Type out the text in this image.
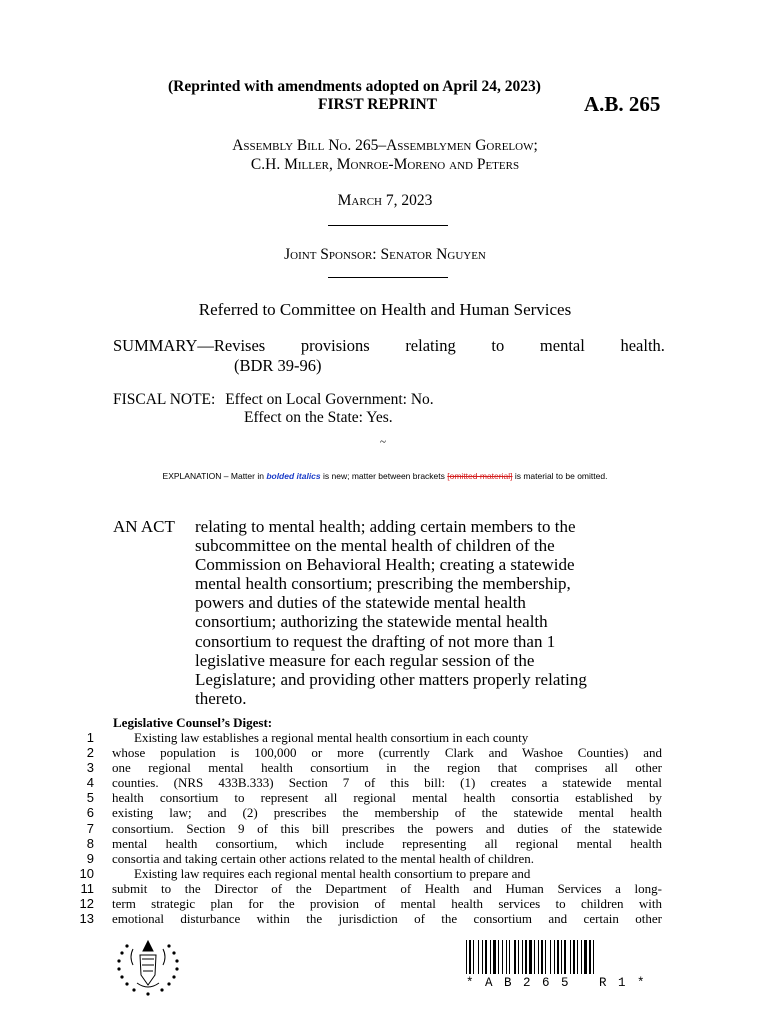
(Reprinted with amendments adopted on April 24, 2023)
FIRST REPRINT	A.B. 265
Assembly Bill No. 265–Assemblymen Gorelow;
C.H. Miller, Monroe-Moreno and Peters
March 7, 2023
Joint Sponsor: Senator Nguyen
Referred to Committee on Health and Human Services
SUMMARY—Revises provisions relating to mental health.
(BDR 39-96)
FISCAL NOTE: Effect on Local Government: No.
Effect on the State: Yes.
~
EXPLANATION – Matter in bolded italics is new; matter between brackets [omitted material] is material to be omitted.
AN ACT	relating to mental health; adding certain members to the

subcommittee on the mental health of children of the

Commission on Behavioral Health; creating a statewide

mental health consortium; prescribing the membership,

powers and duties of the statewide mental health

consortium; authorizing the statewide mental health

consortium to request the drafting of not more than 1

legislative measure for each regular session of the

Legislature; and providing other matters properly relating

thereto.

Legislative Counsel’s Digest:
1
2
3
4
5
6
7
8
9
10
11
12
13
Existing law establishes a regional mental health consortium in each county
whose population is 100,000 or more (currently Clark and Washoe Counties) and
one regional mental health consortium in the region that comprises all other
counties. (NRS 433B.333) Section 7 of this bill: (1) creates a statewide mental
health consortium to represent all regional mental health consortia established by
existing law; and (2) prescribes the membership of the statewide mental health
consortium. Section 9 of this bill prescribes the powers and duties of the statewide
mental health consortium, which include representing all regional mental health
consortia and taking certain other actions related to the mental health of children.
Existing law requires each regional mental health consortium to prepare and
submit to the Director of the Department of Health and Human Services a long-
term strategic plan for the provision of mental health services to children with
emotional disturbance within the jurisdiction of the consortium and certain other
* A B 2 6 5   R 1 *
